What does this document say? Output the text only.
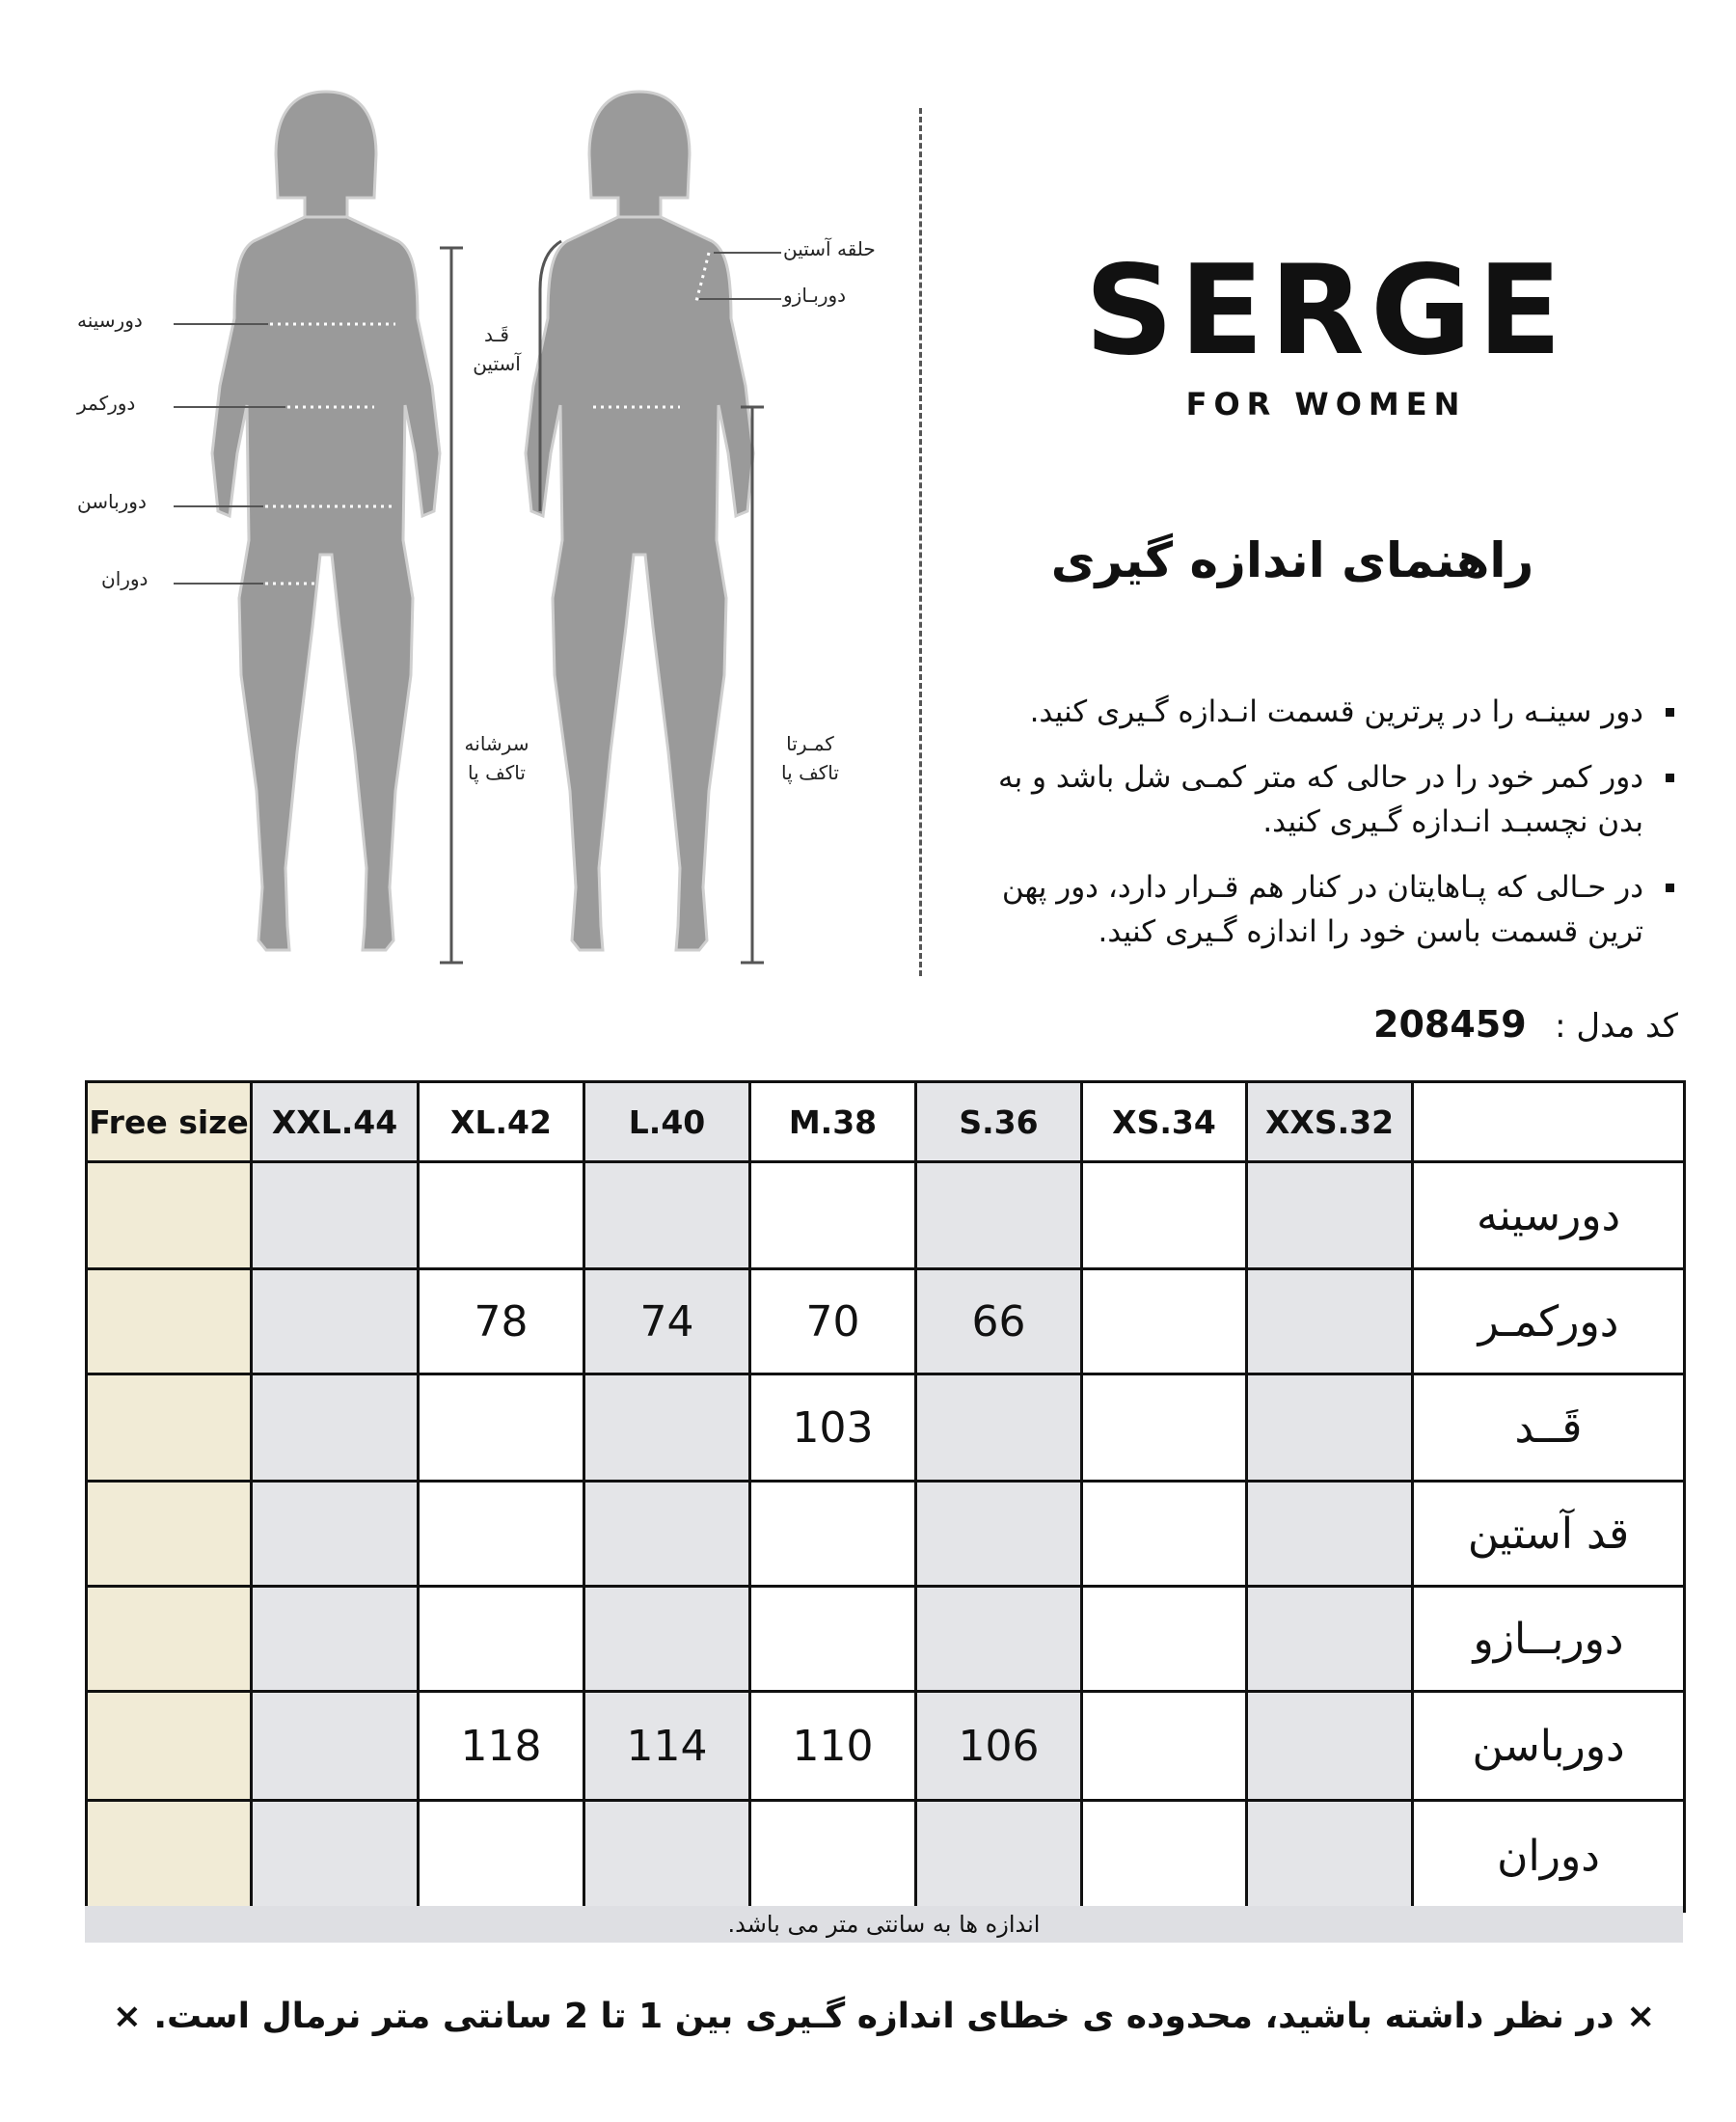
دورسینه
دورکمر
دورباسن
دوران
قَـد
آستین
سرشانه
تاکف پا
حلقه آستین
دوربـازو
کمـرتا
تاکف پا
SERGE
FOR WOMEN
راهنمای اندازه گیری
دور سینـه را در پرترین قسمت انـدازه گـیری کنید.
دور کمر خود را در حالی که متر کمـی شل باشد و به بدن نچسبـد انـدازه گـیری کنید.
در حـالی که پـاهایتان در کنار هم قـرار دارد، دور پهن ترین قسمت باسن خود را اندازه گـیری کنید.
کد مدل : 208459
Free size	XXL.44	XL.42	L.40	M.38	S.36	XS.34	XXS.32	
								دورسینه
		78	74	70	66			دورکمـر
				103				قَــد
								قد آستین
								دوربــازو
		118	114	110	106			دورباسن
								دوران
اندازه ها به سانتی متر می باشد.
× در نظر داشته باشید، محدوده ی خطای اندازه گـیری بین 1 تا 2 سانتی متر نرمال است. ×
